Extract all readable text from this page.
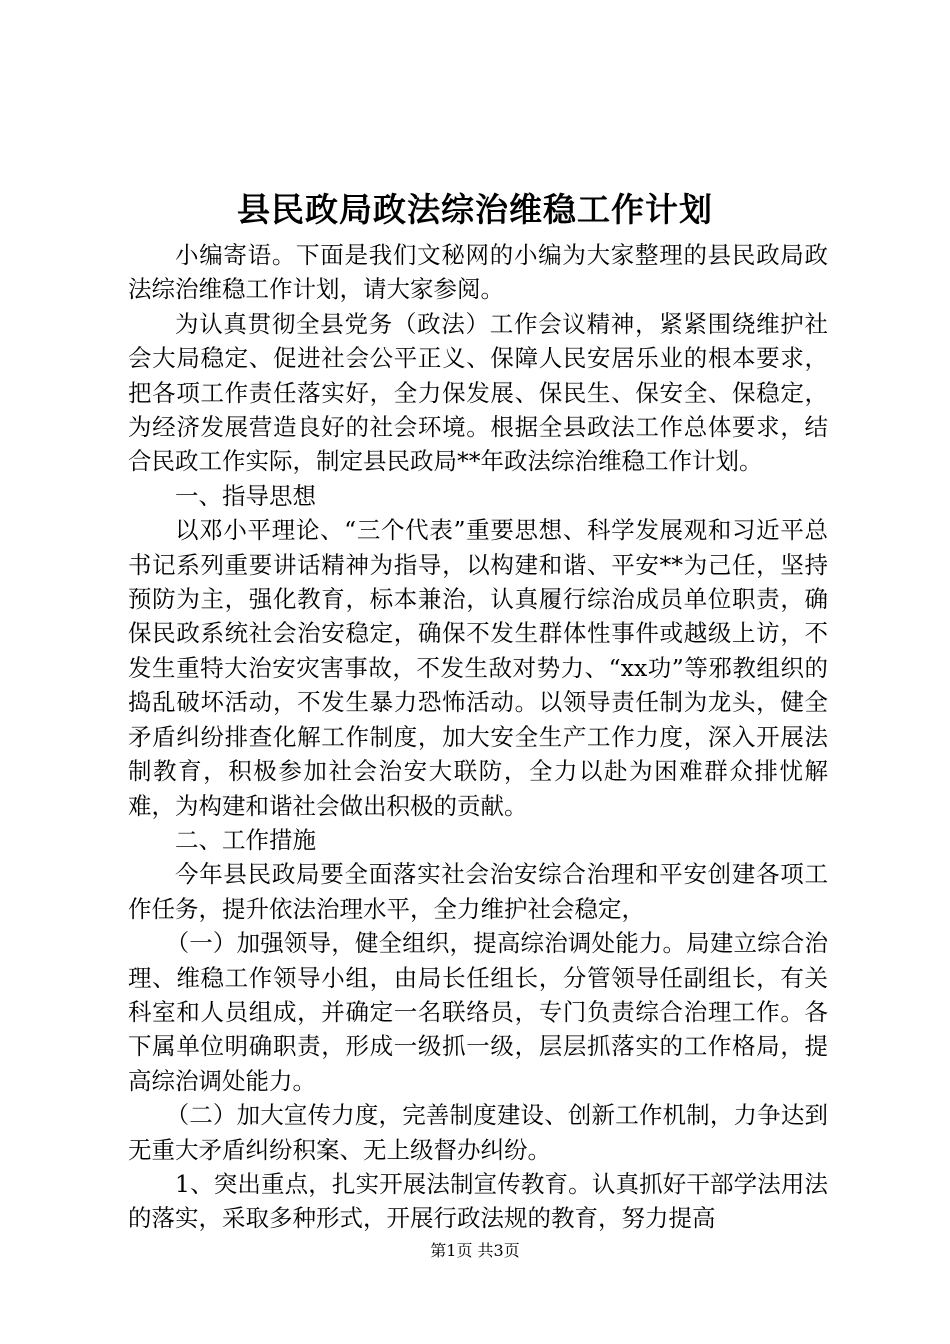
县民政局政法综治维稳工作计划

小编寄语。下面是我们文秘网的小编为大家整理的县民政局政法综治维稳工作计划，请大家参阅。

为认真贯彻全县党务（政法）工作会议精神，紧紧围绕维护社会大局稳定、促进社会公平正义、保障人民安居乐业的根本要求，把各项工作责任落实好，全力保发展、保民生、保安全、保稳定，为经济发展营造良好的社会环境。根据全县政法工作总体要求，结合民政工作实际，制定县民政局**年政法综治维稳工作计划。

一、指导思想

以邓小平理论、“三个代表”重要思想、科学发展观和习近平总书记系列重要讲话精神为指导，以构建和谐、平安**为己任，坚持预防为主，强化教育，标本兼治，认真履行综治成员单位职责，确保民政系统社会治安稳定，确保不发生群体性事件或越级上访，不发生重特大治安灾害事故，不发生敌对势力、“xx功”等邪教组织的捣乱破坏活动，不发生暴力恐怖活动。以领导责任制为龙头，健全矛盾纠纷排查化解工作制度，加大安全生产工作力度，深入开展法制教育，积极参加社会治安大联防，全力以赴为困难群众排忧解难，为构建和谐社会做出积极的贡献。

二、工作措施

今年县民政局要全面落实社会治安综合治理和平安创建各项工作任务，提升依法治理水平，全力维护社会稳定，

（一）加强领导，健全组织，提高综治调处能力。局建立综合治理、维稳工作领导小组，由局长任组长，分管领导任副组长，有关科室和人员组成，并确定一名联络员，专门负责综合治理工作。各下属单位明确职责，形成一级抓一级，层层抓落实的工作格局，提高综治调处能力。

（二）加大宣传力度，完善制度建设、创新工作机制，力争达到无重大矛盾纠纷积案、无上级督办纠纷。

1、突出重点，扎实开展法制宣传教育。认真抓好干部学法用法的落实，采取多种形式，开展行政法规的教育，努力提高

第1页 共3页
